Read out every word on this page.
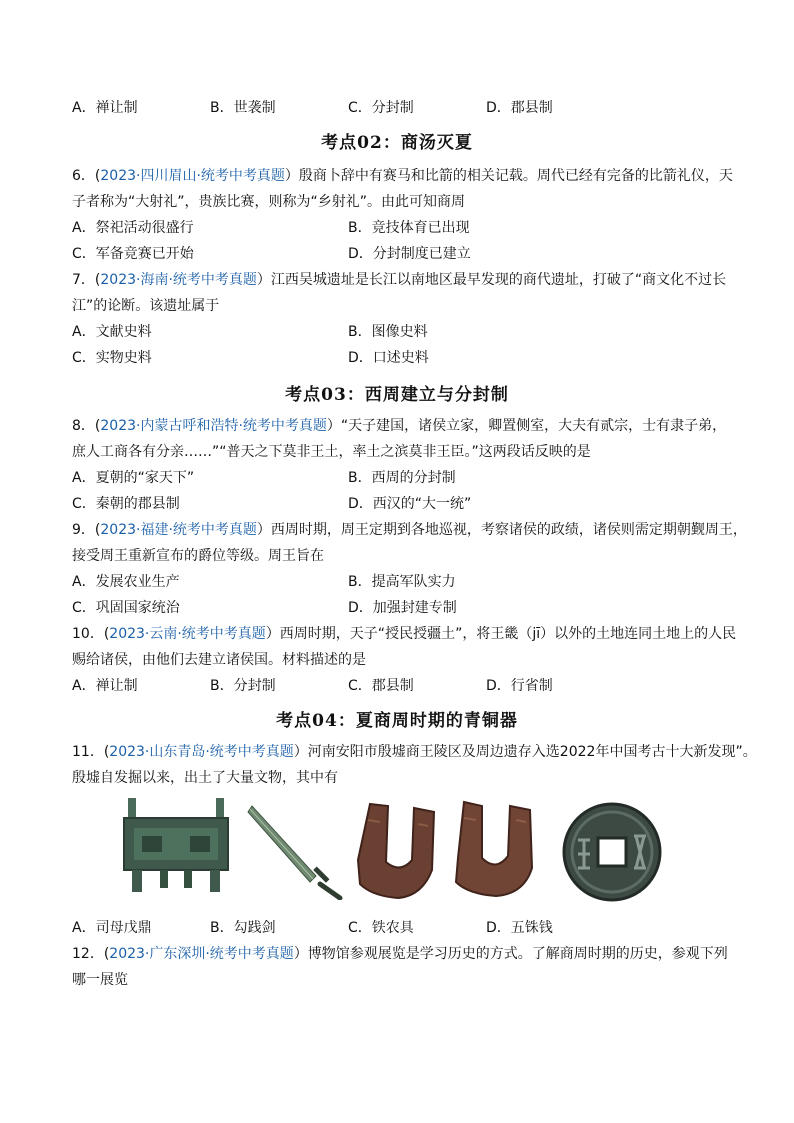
A．禅让制	B．世袭制	C．分封制	D．郡县制
考点02：商汤灭夏
6．(2023·四川眉山·统考中考真题）殷商卜辞中有赛马和比箭的相关记载。周代已经有完备的比箭礼仪，天
子者称为“大射礼”，贵族比赛，则称为“乡射礼”。由此可知商周
A．祭祀活动很盛行	B．竞技体育已出现
C．军备竞赛已开始	D．分封制度已建立
7．(2023·海南·统考中考真题）江西吴城遗址是长江以南地区最早发现的商代遗址，打破了“商文化不过长
江”的论断。该遗址属于
A．文献史料	B．图像史料
C．实物史料	D．口述史料
考点03：西周建立与分封制
8．(2023·内蒙古呼和浩特·统考中考真题）“天子建国，诸侯立家，卿置侧室，大夫有贰宗，士有隶子弟，
庶人工商各有分亲……”“普天之下莫非王土，率土之滨莫非王臣。”这两段话反映的是
A．夏朝的“家天下”	B．西周的分封制
C．秦朝的郡县制	D．西汉的“大一统”
9．(2023·福建·统考中考真题）西周时期，周王定期到各地巡视，考察诸侯的政绩，诸侯则需定期朝觐周王，
接受周王重新宣布的爵位等级。周王旨在
A．发展农业生产	B．提高军队实力
C．巩固国家统治	D．加强封建专制
10．(2023·云南·统考中考真题）西周时期，天子“授民授疆土”，将王畿（jī）以外的土地连同土地上的人民
赐给诸侯，由他们去建立诸侯国。材料描述的是
A．禅让制	B．分封制	C．郡县制	D．行省制
考点04：夏商周时期的青铜器
11．(2023·山东青岛·统考中考真题）河南安阳市殷墟商王陵区及周边遗存入选2022年中国考古十大新发现”。
殷墟自发掘以来，出土了大量文物，其中有
A．司母戊鼎	B．勾践剑	C．铁农具	D．五铢钱
12．(2023·广东深圳·统考中考真题）博物馆参观展览是学习历史的方式。了解商周时期的历史，参观下列
哪一展览
